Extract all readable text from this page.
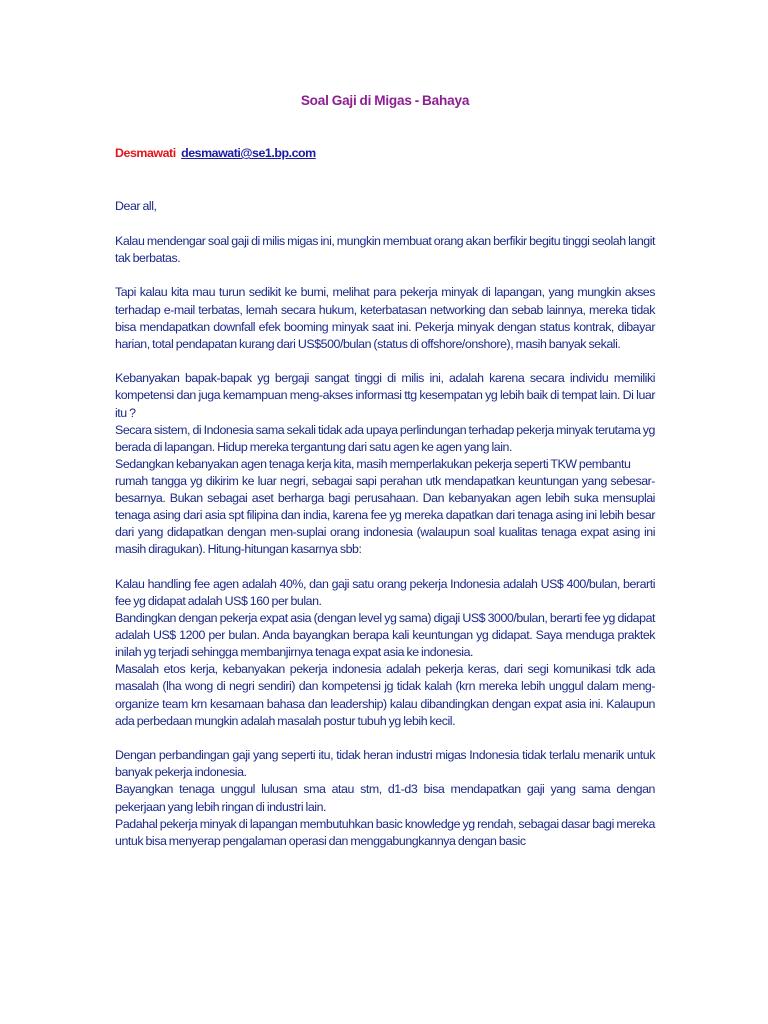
Soal Gaji di Migas - Bahaya
Desmawati desmawati@se1.bp.com

Dear all,

Kalau mendengar soal gaji di milis migas ini, mungkin membuat orang akan berfikir begitu tinggi seolah langit tak berbatas.

Tapi kalau kita mau turun sedikit ke bumi, melihat para pekerja minyak di lapangan, yang mungkin akses terhadap e-mail terbatas, lemah secara hukum, keterbatasan networking dan sebab lainnya, mereka tidak bisa mendapatkan downfall efek booming minyak saat ini. Pekerja minyak dengan status kontrak, dibayar harian, total pendapatan kurang dari US$500/bulan (status di offshore/onshore), masih banyak sekali.

Kebanyakan bapak-bapak yg bergaji sangat tinggi di milis ini, adalah karena secara individu memiliki kompetensi dan juga kemampuan meng-akses informasi ttg kesempatan yg lebih baik di tempat lain. Di luar itu ?

Secara sistem, di Indonesia sama sekali tidak ada upaya perlindungan terhadap pekerja minyak terutama yg berada di lapangan. Hidup mereka tergantung dari satu agen ke agen yang lain.

Sedangkan kebanyakan agen tenaga kerja kita, masih memperlakukan pekerja seperti TKW pembantu

rumah tangga yg dikirim ke luar negri, sebagai sapi perahan utk mendapatkan keuntungan yang sebesar-besarnya. Bukan sebagai aset berharga bagi perusahaan. Dan kebanyakan agen lebih suka mensuplai tenaga asing dari asia spt filipina dan india, karena fee yg mereka dapatkan dari tenaga asing ini lebih besar dari yang didapatkan dengan men-suplai orang indonesia (walaupun soal kualitas tenaga expat asing ini masih diragukan). Hitung-hitungan kasarnya sbb:

Kalau handling fee agen adalah 40%, dan gaji satu orang pekerja Indonesia adalah US$ 400/bulan, berarti fee yg didapat adalah US$ 160 per bulan.

Bandingkan dengan pekerja expat asia (dengan level yg sama) digaji US$ 3000/bulan, berarti fee yg didapat adalah US$ 1200 per bulan. Anda bayangkan berapa kali keuntungan yg didapat. Saya menduga praktek inilah yg terjadi sehingga membanjirnya tenaga expat asia ke indonesia.

Masalah etos kerja, kebanyakan pekerja indonesia adalah pekerja keras, dari segi komunikasi tdk ada masalah (lha wong di negri sendiri) dan kompetensi jg tidak kalah (krn mereka lebih unggul dalam meng-organize team krn kesamaan bahasa dan leadership) kalau dibandingkan dengan expat asia ini. Kalaupun ada perbedaan mungkin adalah masalah postur tubuh yg lebih kecil.

Dengan perbandingan gaji yang seperti itu, tidak heran industri migas Indonesia tidak terlalu menarik untuk banyak pekerja indonesia.

Bayangkan tenaga unggul lulusan sma atau stm, d1-d3 bisa mendapatkan gaji yang sama dengan pekerjaan yang lebih ringan di industri lain.

Padahal pekerja minyak di lapangan membutuhkan basic knowledge yg rendah, sebagai dasar bagi mereka untuk bisa menyerap pengalaman operasi dan menggabungkannya dengan basic
